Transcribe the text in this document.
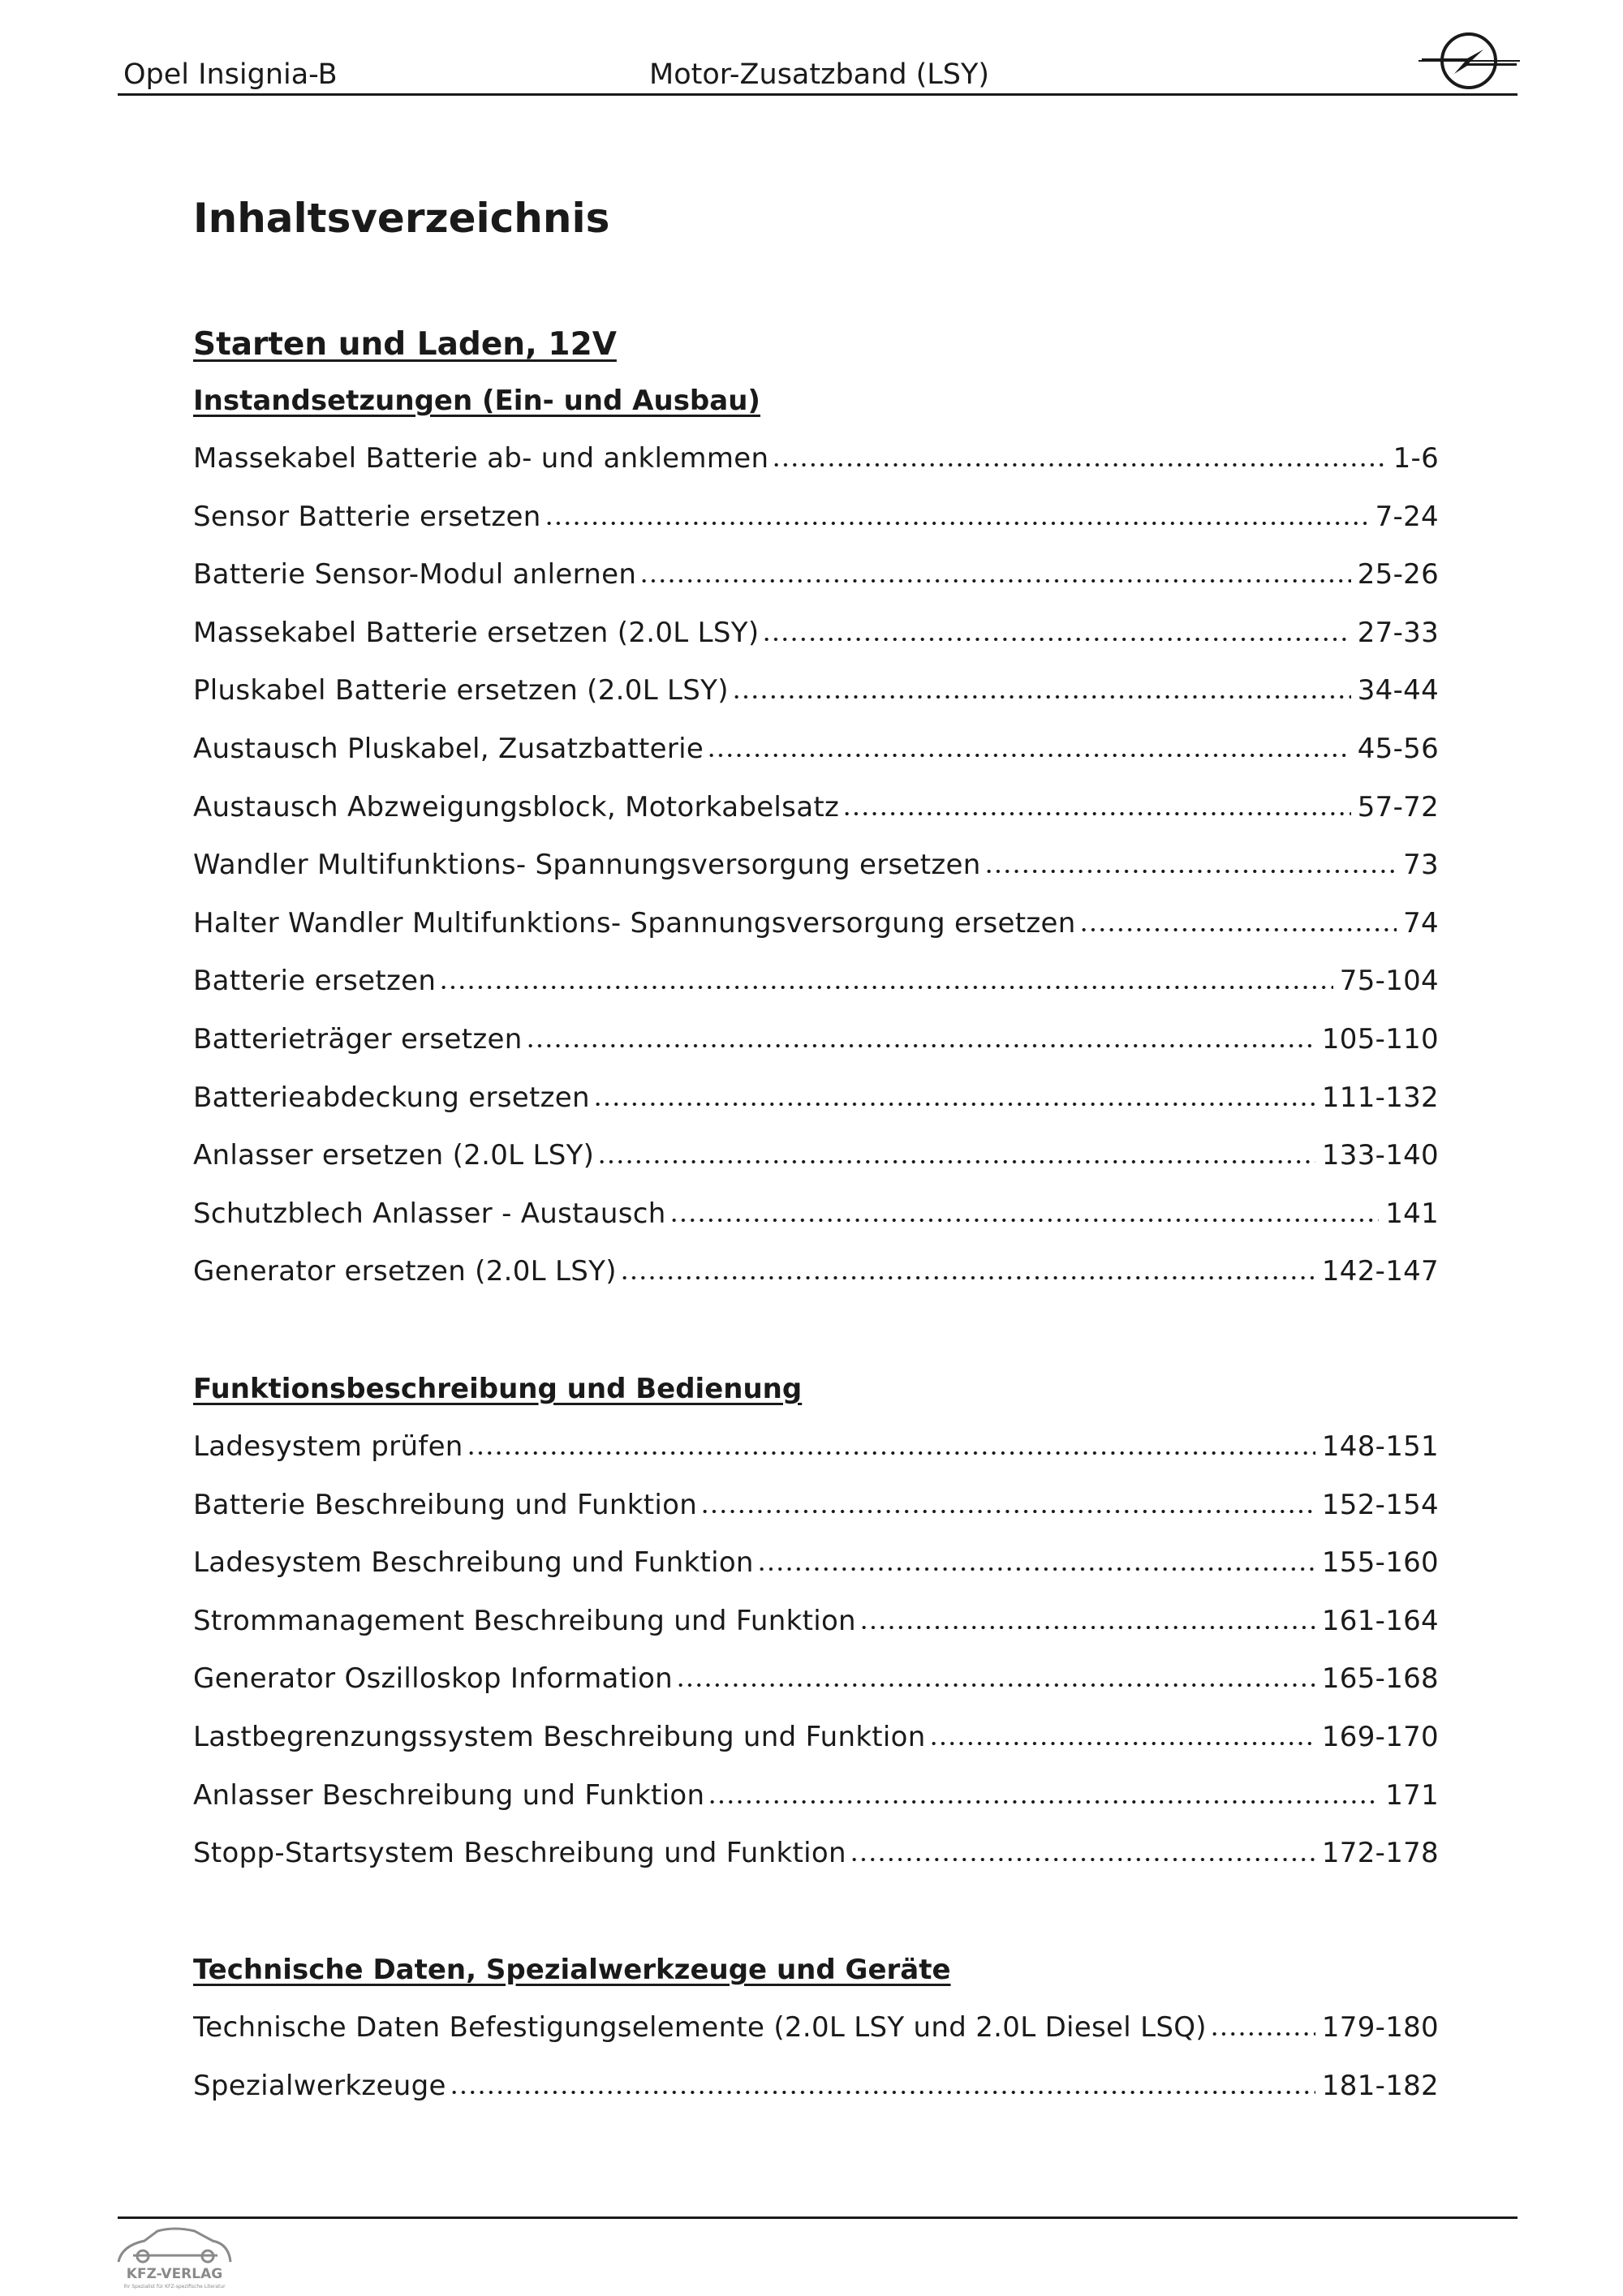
Opel Insignia-B	Motor-Zusatzband (LSY)
Inhaltsverzeichnis
Starten und Laden, 12V
Instandsetzungen (Ein- und Ausbau)
Massekabel Batterie ab- und anklemmen	1-6
Sensor Batterie ersetzen	7-24
Batterie Sensor-Modul anlernen	25-26
Massekabel Batterie ersetzen (2.0L LSY)	27-33
Pluskabel Batterie ersetzen (2.0L LSY)	34-44
Austausch Pluskabel, Zusatzbatterie	45-56
Austausch Abzweigungsblock, Motorkabelsatz	57-72
Wandler Multifunktions- Spannungsversorgung ersetzen	73
Halter Wandler Multifunktions- Spannungsversorgung ersetzen	74
Batterie ersetzen	75-104
Batterieträger ersetzen	105-110
Batterieabdeckung ersetzen	111-132
Anlasser ersetzen (2.0L LSY)	133-140
Schutzblech Anlasser - Austausch	141
Generator ersetzen (2.0L LSY)	142-147
Funktionsbeschreibung und Bedienung
Ladesystem prüfen	148-151
Batterie Beschreibung und Funktion	152-154
Ladesystem Beschreibung und Funktion	155-160
Strommanagement Beschreibung und Funktion	161-164
Generator Oszilloskop Information	165-168
Lastbegrenzungssystem Beschreibung und Funktion	169-170
Anlasser Beschreibung und Funktion	171
Stopp-Startsystem Beschreibung und Funktion	172-178
Technische Daten, Spezialwerkzeuge und Geräte
Technische Daten Befestigungselemente (2.0L LSY und 2.0L Diesel LSQ)	179-180
Spezialwerkzeuge	181-182
KFZ-VERLAG
Ihr Spezialist für KFZ-spezifische Literatur
